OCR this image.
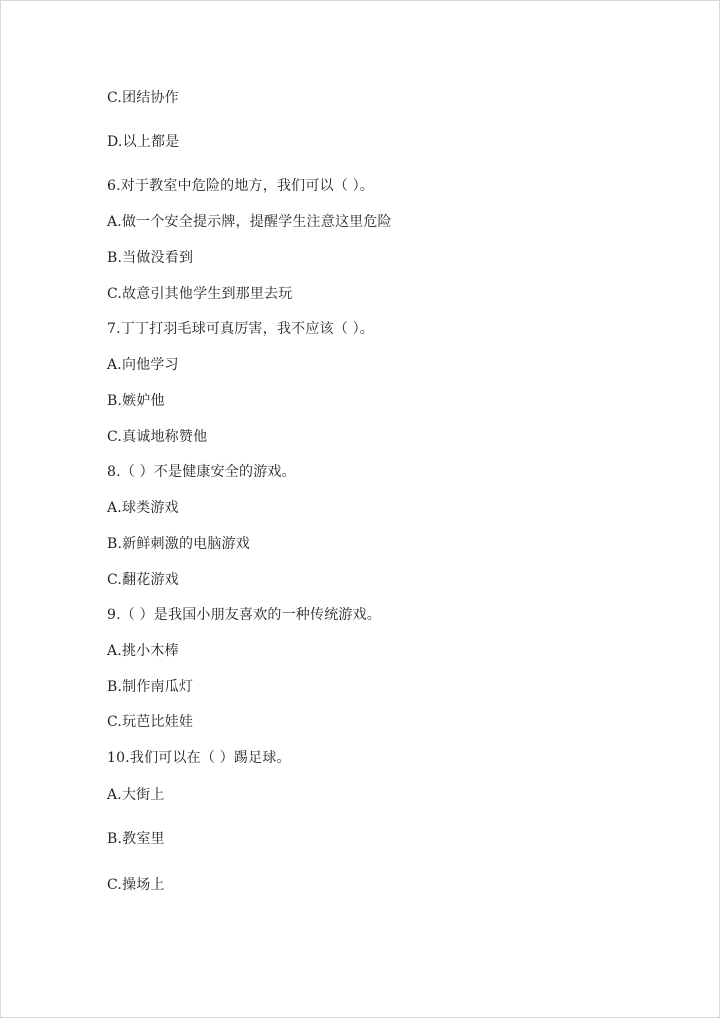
C.团结协作
D.以上都是
6.对于教室中危险的地方，我们可以（ ）。
A.做一个安全提示牌，提醒学生注意这里危险
B.当做没看到
C.故意引其他学生到那里去玩
7.丁丁打羽毛球可真厉害，我不应该（ ）。
A.向他学习
B.嫉妒他
C.真诚地称赞他
8.（ ）不是健康安全的游戏。
A.球类游戏
B.新鲜刺激的电脑游戏
C.翻花游戏
9.（ ）是我国小朋友喜欢的一种传统游戏。
A.挑小木棒
B.制作南瓜灯
C.玩芭比娃娃
10.我们可以在（ ）踢足球。
A.大街上
B.教室里
C.操场上
